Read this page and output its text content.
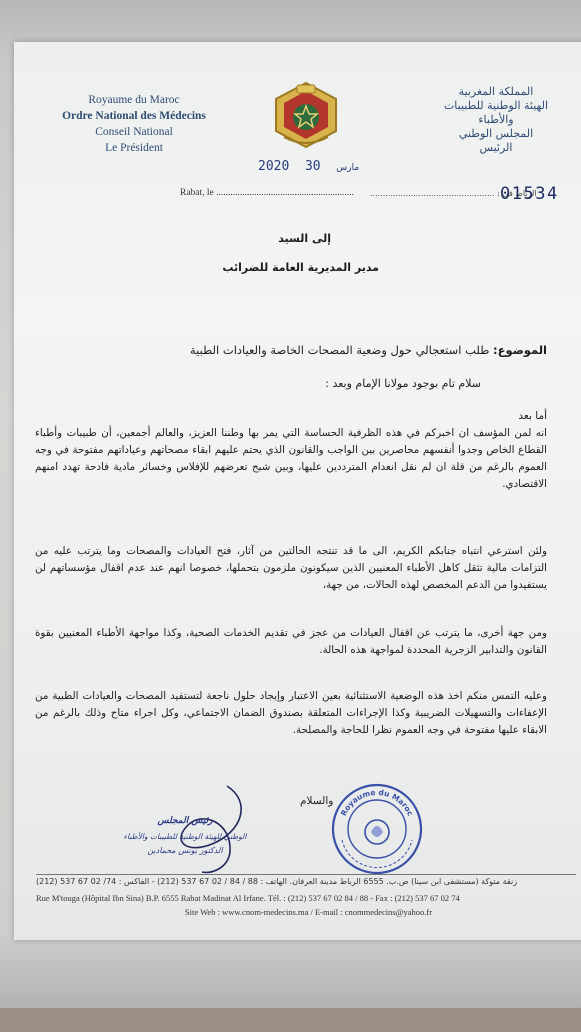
Royaume du Maroc
Ordre National des Médecins
Conseil National
Le Président
المملكة المغربية
الهيئة الوطنية للطبيبات والأطباء
المجلس الوطني
الرئيس
2020	مارس  30
Rabat, le .......................................................... الرباط في : .................................................
01534
إلى السيد
مدير المديرية العامة للضرائب
الموضوع: طلب استعجالي حول وضعية المصحات الخاصة والعيادات الطبية
سلام تام بوجود مولانا الإمام وبعد :
أما بعد
انه لمن المؤسف ان اخبركم في هذه الظرفية الحساسة التي يمر بها وطننا العزيز، والعالم أجمعين، أن طبيبات وأطباء القطاع الخاص وجدوا أنفسهم محاصرين بين الواجب والقانون الذي يحتم عليهم ابقاء مصحاتهم وعياداتهم مفتوحة في وجه العموم بالرغم من قلة ان لم نقل انعدام المترددين عليها، وبين شبح تعرضهم للإفلاس وخسائر مادية فادحة تهدد امنهم الاقتصادي.
ولئن استرعي انتباه جنابكم الكريم، الى ما قد تنتجه الحالتين من آثار، فتح العيادات والمصحات وما يترتب عليه من التزامات مالية تثقل كاهل الأطباء المعنيين الذين سيكونون ملزمون بتحملها، خصوصا انهم عند عدم اقفال مؤسساتهم لن يستفيدوا من الدعم المخصص لهذه الحالات، من جهة،
ومن جهة أخرى، ما يترتب عن اقفال العيادات من عجز في تقديم الخدمات الصحية، وكذا مواجهة الأطباء المعنيين بقوة القانون والتدابير الزجرية المحددة لمواجهة هذه الحالة.
وعليه التمس منكم اخذ هذه الوضعية الاستثنائية بعين الاعتبار وإيجاد حلول ناجعة لتستفيد المصحات والعيادات الطبية من الإعفاءات والتسهيلات الضريبية وكذا الإجراءات المتعلقة بصندوق الضمان الاجتماعي، وكل اجراء متاح وذلك بالرغم من الابقاء عليها مفتوحة في وجه العموم نظرا للحاجة والمصلحة.
والسلام
Royaume du Maroc
رئيس المجلس
الوطني للهيئة الوطنية للطبيبات والأطباء
الدكتور يونس محمادين
زنقة متوكة (مستشفى ابن سينا) ص.ب. 6555 الرباط مدينة العرفان. الهاتف : 88 / 84 / 02 67 537 (212) - الفاكس : 74/ 02 67 537 (212)
Rue M'touga (Hôpital Ibn Sina) B.P. 6555 Rabat Madinat Al Irfane. Tél. : (212) 537 67 02 84 / 88 - Fax : (212) 537 67 02 74
Site Web : www.cnom-medecins.ma / E-mail : cnommedecins@yahoo.fr
